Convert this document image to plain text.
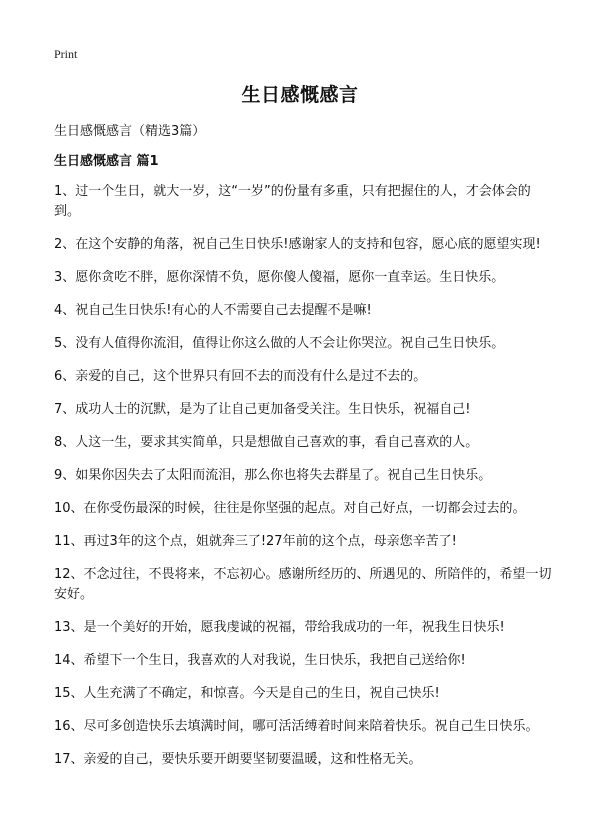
Print
生日感慨感言

生日感慨感言（精选3篇）

生日感慨感言 篇1
1、过一个生日，就大一岁，这“一岁”的份量有多重，只有把握住的人，才会体会的到。
2、在这个安静的角落，祝自己生日快乐!感谢家人的支持和包容，愿心底的愿望实现!
3、愿你贪吃不胖，愿你深情不负，愿你傻人傻福，愿你一直幸运。生日快乐。
4、祝自己生日快乐!有心的人不需要自己去提醒不是嘛!
5、没有人值得你流泪，值得让你这么做的人不会让你哭泣。祝自己生日快乐。
6、亲爱的自己，这个世界只有回不去的而没有什么是过不去的。
7、成功人士的沉默，是为了让自己更加备受关注。生日快乐，祝福自己!
8、人这一生，要求其实简单，只是想做自己喜欢的事，看自己喜欢的人。
9、如果你因失去了太阳而流泪，那么你也将失去群星了。祝自己生日快乐。
10、在你受伤最深的时候，往往是你坚强的起点。对自己好点，一切都会过去的。
11、再过3年的这个点，姐就奔三了!27年前的这个点，母亲您辛苦了!
12、不念过往，不畏将来，不忘初心。感谢所经历的、所遇见的、所陪伴的，希望一切安好。
13、是一个美好的开始，愿我虔诚的祝福，带给我成功的一年，祝我生日快乐!
14、希望下一个生日，我喜欢的人对我说，生日快乐，我把自己送给你!
15、人生充满了不确定，和惊喜。今天是自己的生日，祝自己快乐!
16、尽可多创造快乐去填满时间，哪可活活缚着时间来陪着快乐。祝自己生日快乐。
17、亲爱的自己，要快乐要开朗要坚韧要温暖，这和性格无关。
